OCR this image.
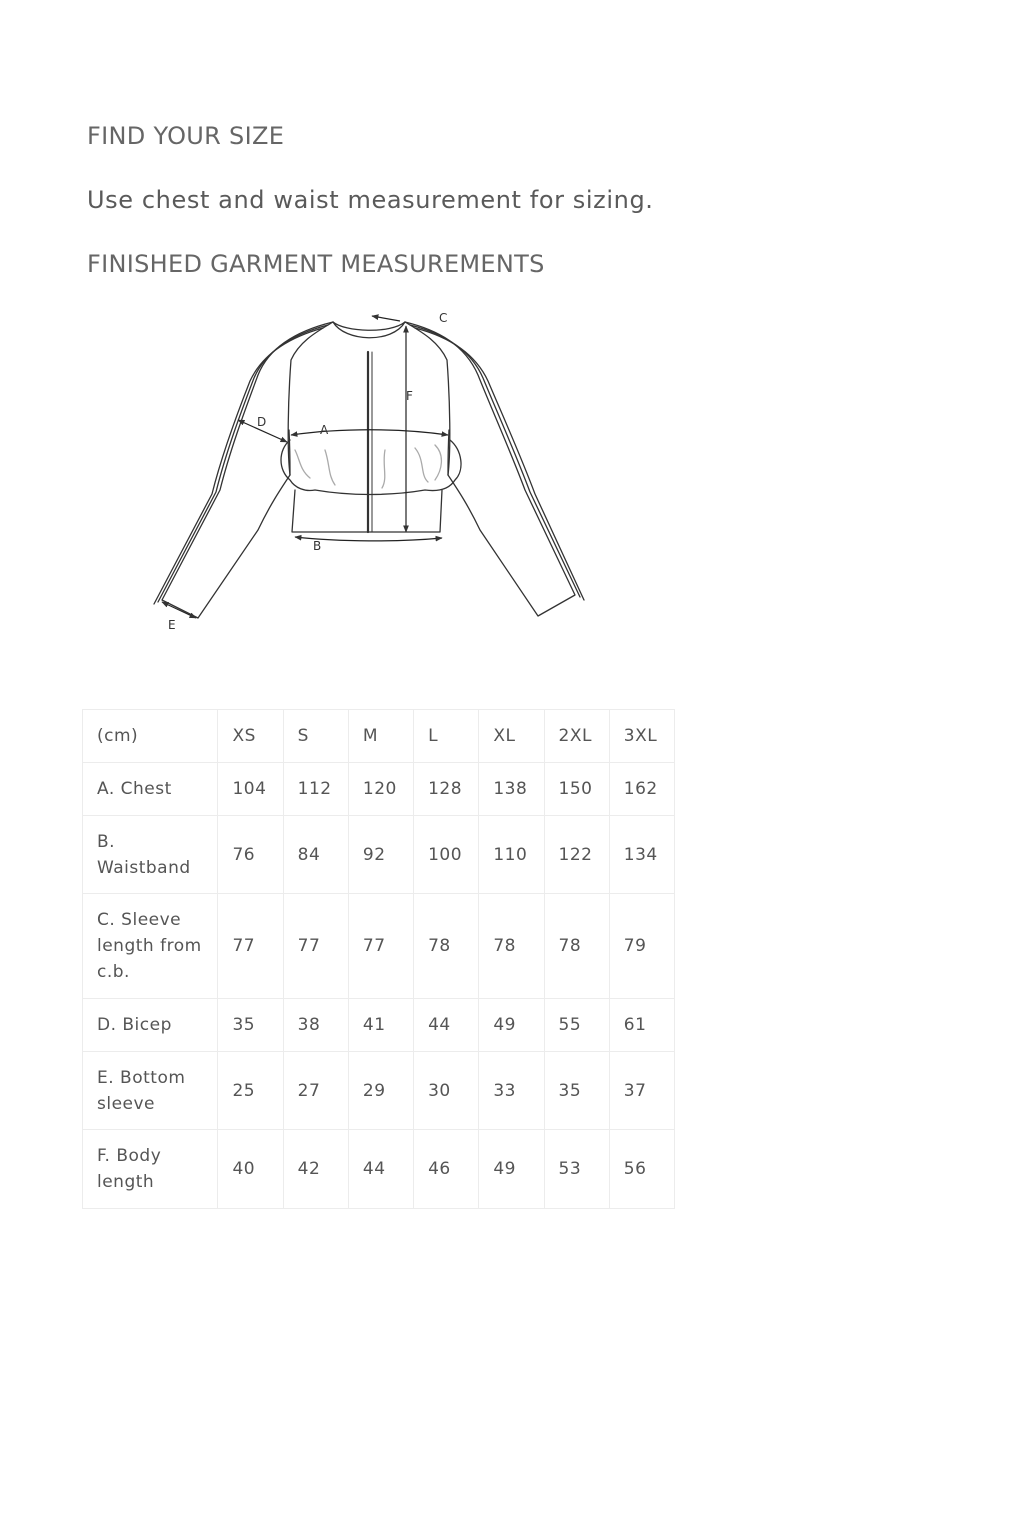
FIND YOUR SIZE

Use chest and waist measurement for sizing.

FINISHED GARMENT MEASUREMENTS
A
B
C
D
E
F
(cm)	XS	S	M	L	XL	2XL	3XL
A. Chest	104	112	120	128	138	150	162
B. Waistband	76	84	92	100	110	122	134
C. Sleeve length from c.b.	77	77	77	78	78	78	79
D. Bicep	35	38	41	44	49	55	61
E. Bottom sleeve	25	27	29	30	33	35	37
F. Body length	40	42	44	46	49	53	56
